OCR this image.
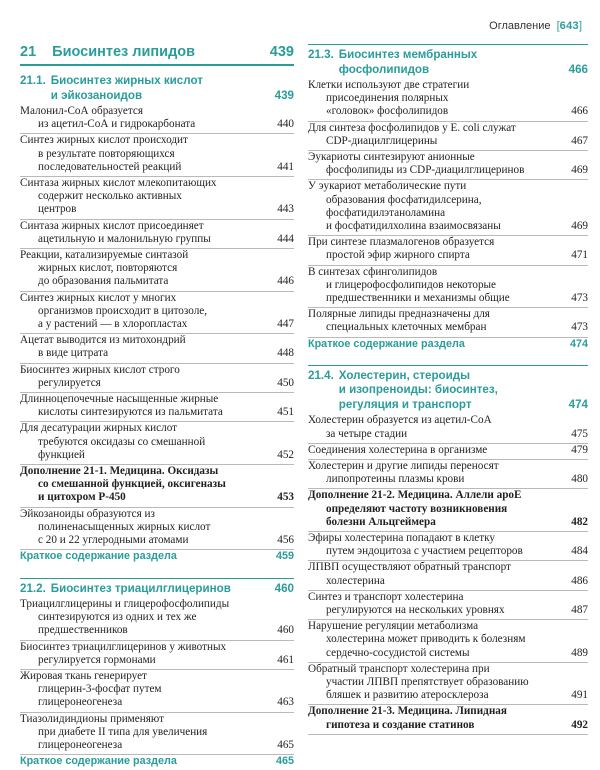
Оглавление [643]
21 Биосинтез липидов	439
21.1. Биосинтез жирных кислот
и эйкозаноидов	439
Малонил-СоА образуется
из ацетил-СоА и гидрокарбоната	440
Синтез жирных кислот происходит
в результате повторяющихся
последовательностей реакций	441
Синтаза жирных кислот млекопитающих
содержит несколько активных
центров	443
Синтаза жирных кислот присоединяет
ацетильную и малонильную группы	444
Реакции, катализируемые синтазой
жирных кислот, повторяются
до образования пальмитата	446
Синтез жирных кислот у многих
организмов происходит в цитозоле,
а у растений — в хлоропластах	447
Ацетат выводится из митохондрий
в виде цитрата	448
Биосинтез жирных кислот строго
регулируется	450
Длинноцепочечные насыщенные жирные
кислоты синтезируются из пальмитата	451
Для десатурации жирных кислот
требуются оксидазы со смешанной
функцией	452
Дополнение 21-1. Медицина. Оксидазы
со смешанной функцией, оксигеназы
и цитохром Р-450	453
Эйкозаноиды образуются из
полиненасыщенных жирных кислот
с 20 и 22 углеродными атомами	456
Краткое содержание раздела	459
21.2. Биосинтез триацилглицеринов	460
Триацилглицерины и глицерофосфолипиды
синтезируются из одних и тех же
предшественников	460
Биосинтез триацилглицеринов у животных
регулируется гормонами	461
Жировая ткань генерирует
глицерин-3-фосфат путем
глицеронеогенеза	463
Тиазолидиндионы применяют
при диабете II типа для увеличения
глицеронеогенеза	465
Краткое содержание раздела	465
21.3. Биосинтез мембранных
фосфолипидов	466
Клетки используют две стратегии
присоединения полярных
«головок» фосфолипидов	466
Для синтеза фосфолипидов у E. coli служат
CDP-диацилглицерины	467
Эукариоты синтезируют анионные
фосфолипиды из CDP-диацилглицеринов	469
У эукариот метаболические пути
образования фосфатидилсерина,
фосфатидилэтаноламина
и фосфатидилхолина взаимосвязаны	469
При синтезе плазмалогенов образуется
простой эфир жирного спирта	471
В синтезах сфинголипидов
и глицерофосфолипидов некоторые
предшественники и механизмы общие	473
Полярные липиды предназначены для
специальных клеточных мембран	473
Краткое содержание раздела	474
21.4. Холестерин, стероиды
и изопреноиды: биосинтез,
регуляция и транспорт	474
Холестерин образуется из ацетил-СоА
за четыре стадии	475
Соединения холестерина в организме	479
Холестерин и другие липиды переносят
липопротеины плазмы крови	480
Дополнение 21-2. Медицина. Аллели apoE
определяют частоту возникновения
болезни Альцгеймера	482
Эфиры холестерина попадают в клетку
путем эндоцитоза с участием рецепторов	484
ЛПВП осуществляют обратный транспорт
холестерина	486
Синтез и транспорт холестерина
регулируются на нескольких уровнях	487
Нарушение регуляции метаболизма
холестерина может приводить к болезням
сердечно-сосудистой системы	489
Обратный транспорт холестерина при
участии ЛПВП препятствует образованию
бляшек и развитию атеросклероза	491
Дополнение 21-3. Медицина. Липидная
гипотеза и создание статинов	492
